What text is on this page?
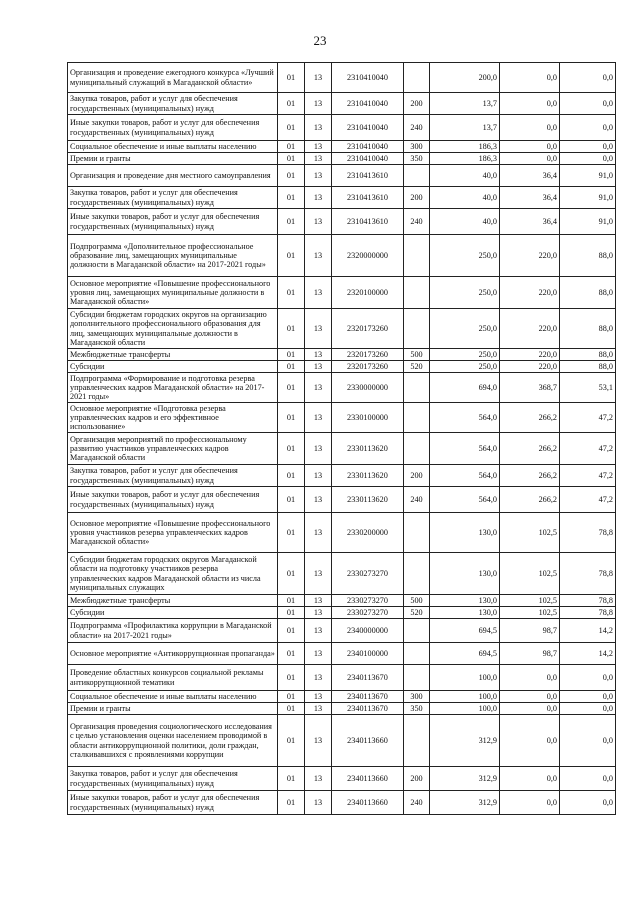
23
Организация и проведение ежегодного конкурса «Лучший муниципальный служащий в Магаданской области»	01	13	2310410040		200,0	0,0	0,0
Закупка товаров, работ и услуг для обеспечения государственных (муниципальных) нужд	01	13	2310410040	200	13,7	0,0	0,0
Иные закупки товаров, работ и услуг для обеспечения государственных (муниципальных) нужд	01	13	2310410040	240	13,7	0,0	0,0
Социальное обеспечение и иные выплаты населению	01	13	2310410040	300	186,3	0,0	0,0
Премии и гранты	01	13	2310410040	350	186,3	0,0	0,0
Организация и проведение дня местного самоуправления	01	13	2310413610		40,0	36,4	91,0
Закупка товаров, работ и услуг для обеспечения государственных (муниципальных) нужд	01	13	2310413610	200	40,0	36,4	91,0
Иные закупки товаров, работ и услуг для обеспечения государственных (муниципальных) нужд	01	13	2310413610	240	40,0	36,4	91,0
Подпрограмма «Дополнительное профессиональное образование лиц, замещающих муниципальные должности в Магаданской области» на 2017-2021 годы»	01	13	2320000000		250,0	220,0	88,0
Основное мероприятие «Повышение профессионального уровня лиц, замещающих муниципальные должности в Магаданской области»	01	13	2320100000		250,0	220,0	88,0
Субсидии бюджетам городских округов на организацию дополнительного профессионального образования для лиц, замещающих муниципальные должности в Магаданской области	01	13	2320173260		250,0	220,0	88,0
Межбюджетные трансферты	01	13	2320173260	500	250,0	220,0	88,0
Субсидии	01	13	2320173260	520	250,0	220,0	88,0
Подпрограмма «Формирование и подготовка резерва управленческих кадров Магаданской области» на 2017-2021 годы»	01	13	2330000000		694,0	368,7	53,1
Основное мероприятие «Подготовка резерва управленческих кадров и его эффективное использование»	01	13	2330100000		564,0	266,2	47,2
Организация мероприятий по профессиональному развитию участников управленческих кадров Магаданской области	01	13	2330113620		564,0	266,2	47,2
Закупка товаров, работ и услуг для обеспечения государственных (муниципальных) нужд	01	13	2330113620	200	564,0	266,2	47,2
Иные закупки товаров, работ и услуг для обеспечения государственных (муниципальных) нужд	01	13	2330113620	240	564,0	266,2	47,2
Основное мероприятие «Повышение профессионального уровня участников резерва управленческих кадров Магаданской области»	01	13	2330200000		130,0	102,5	78,8
Субсидии бюджетам городских округов Магаданской области на подготовку участников резерва управленческих кадров Магаданской области из числа муниципальных служащих	01	13	2330273270		130,0	102,5	78,8
Межбюджетные трансферты	01	13	2330273270	500	130,0	102,5	78,8
Субсидии	01	13	2330273270	520	130,0	102,5	78,8
Подпрограмма «Профилактика коррупции в Магаданской области» на 2017-2021 годы»	01	13	2340000000		694,5	98,7	14,2
Основное мероприятие «Антикоррупционная пропаганда»	01	13	2340100000		694,5	98,7	14,2
Проведение областных конкурсов социальной рекламы антикоррупционной тематики	01	13	2340113670		100,0	0,0	0,0
Социальное обеспечение и иные выплаты населению	01	13	2340113670	300	100,0	0,0	0,0
Премии и гранты	01	13	2340113670	350	100,0	0,0	0,0
Организация проведения социологического исследования с целью установления оценки населением проводимой в области антикоррупционной политики, доли граждан, сталкивавшихся с проявлениями коррупции	01	13	2340113660		312,9	0,0	0,0
Закупка товаров, работ и услуг для обеспечения государственных (муниципальных) нужд	01	13	2340113660	200	312,9	0,0	0,0
Иные закупки товаров, работ и услуг для обеспечения государственных (муниципальных) нужд	01	13	2340113660	240	312,9	0,0	0,0
